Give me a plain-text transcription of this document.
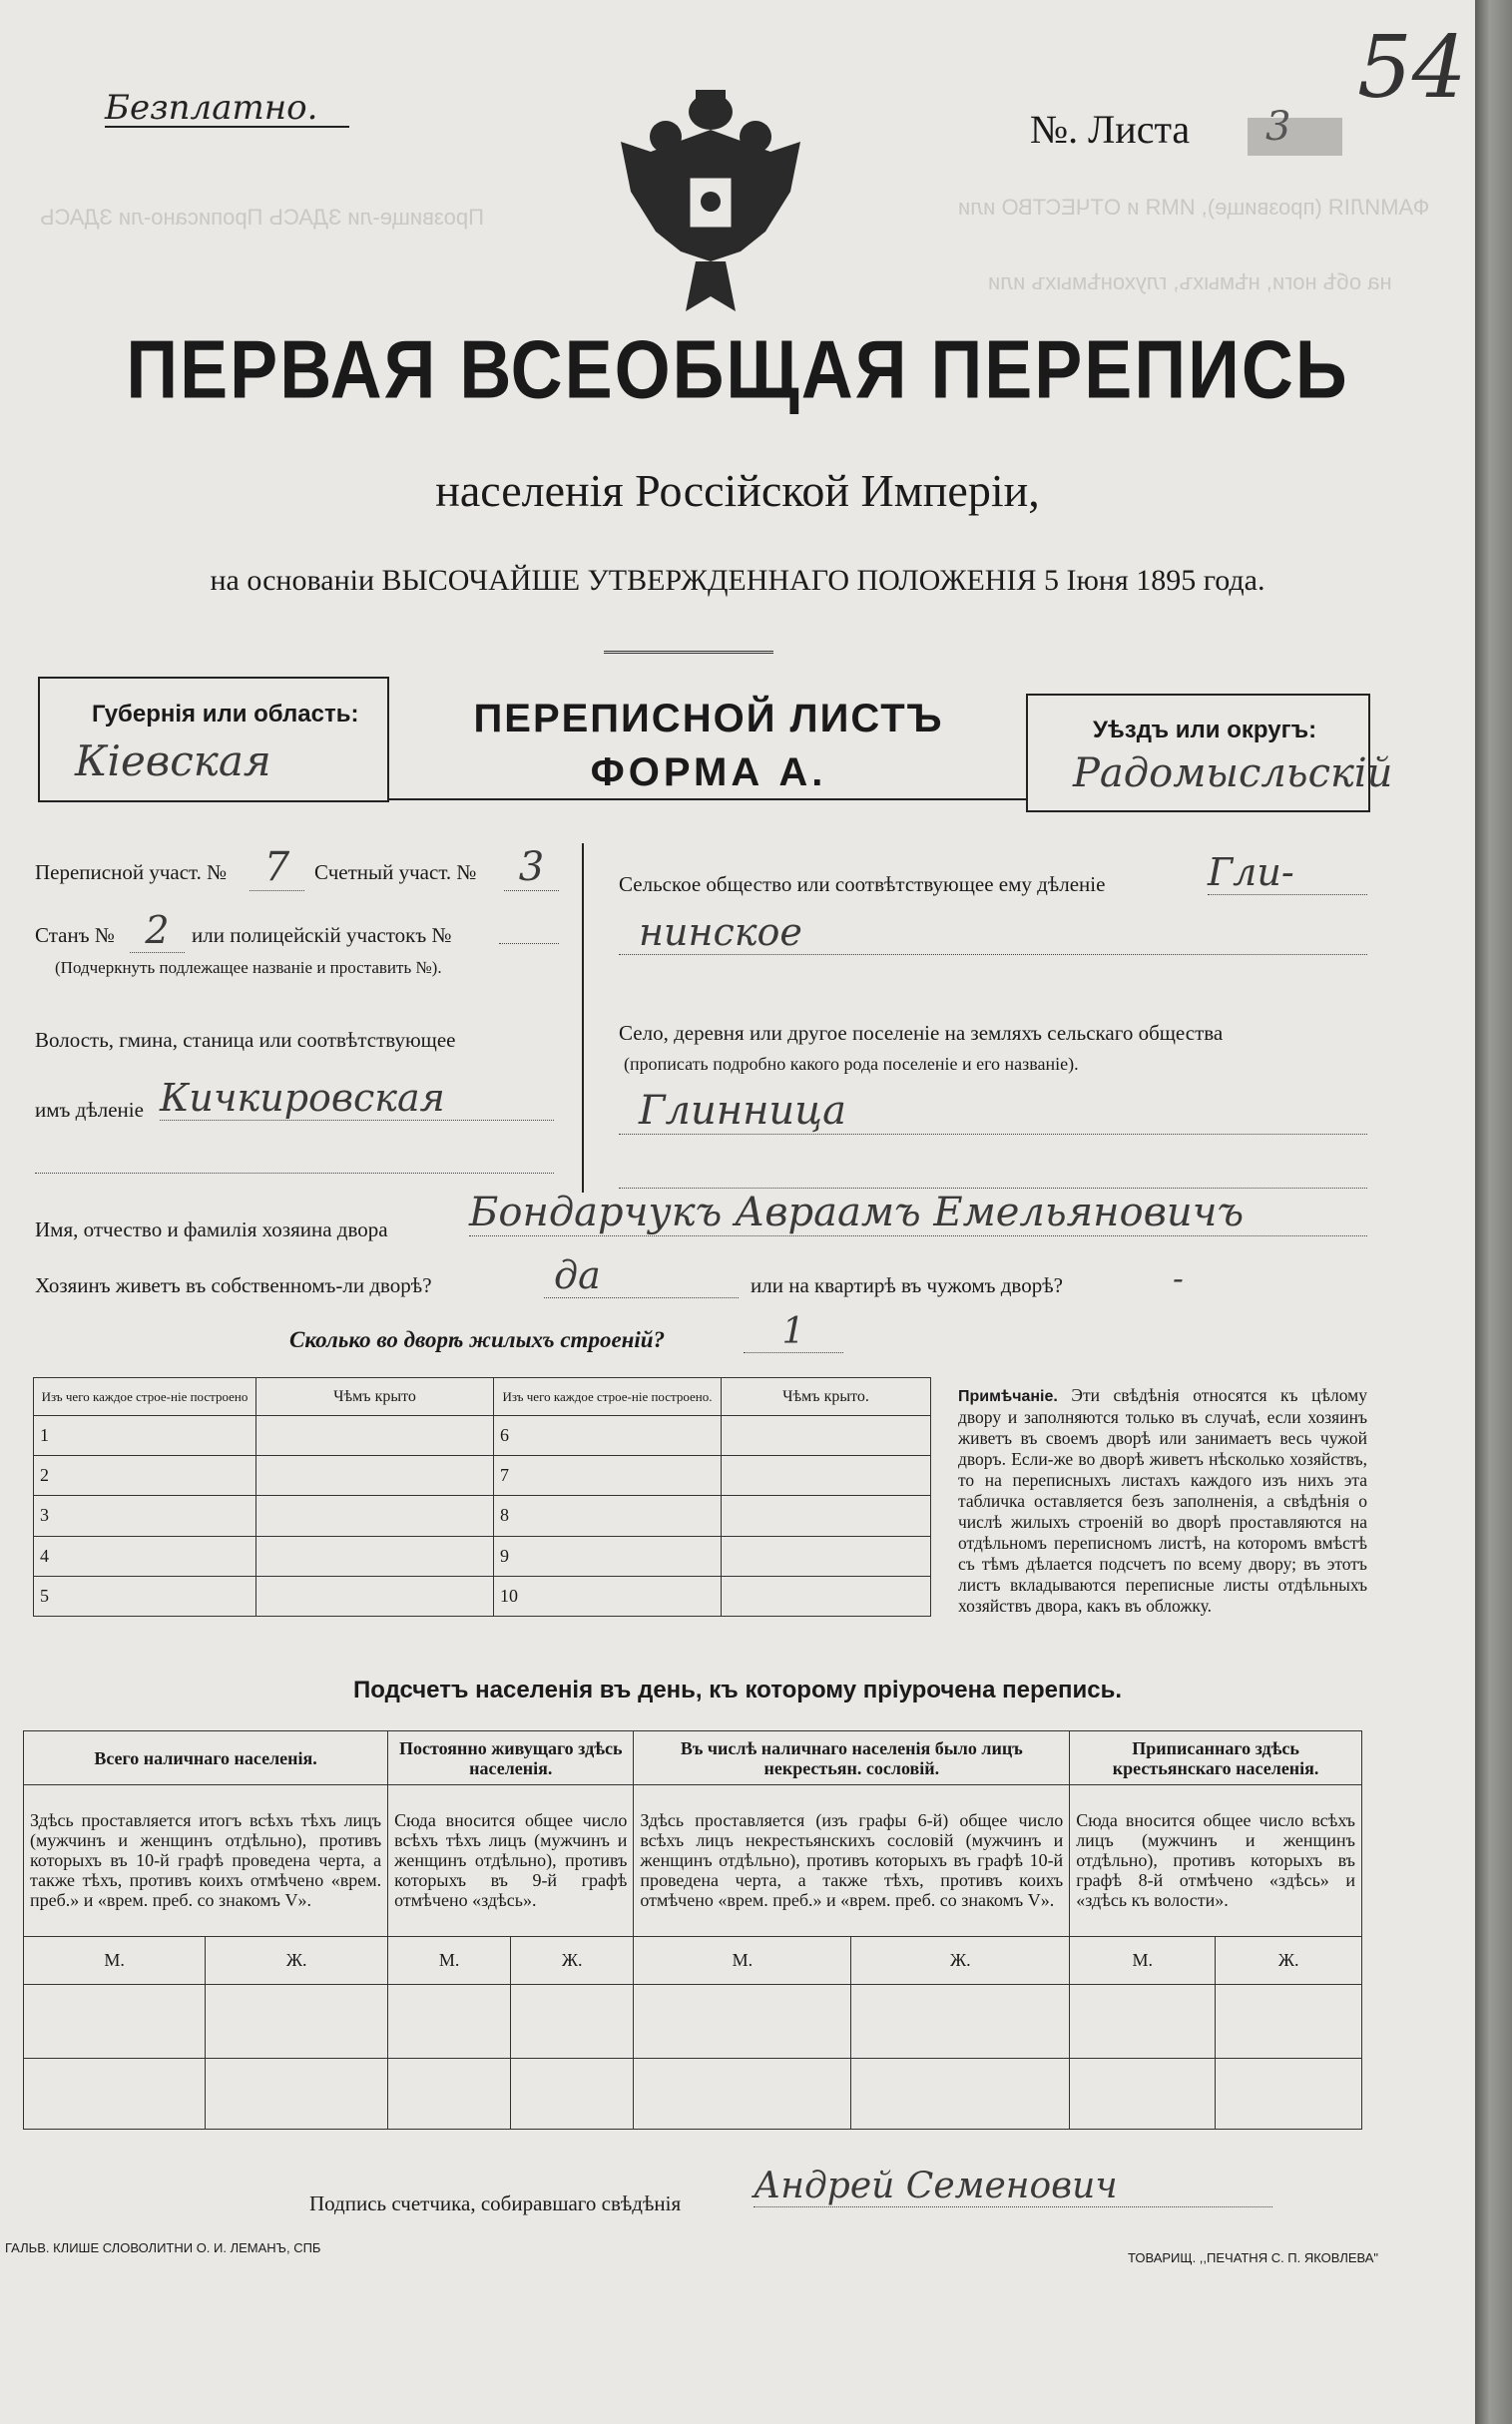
ФАМИЛІЯ (прозвище), ИМЯ и ОТЧЕСТВО или
Прозвище-ли ЗДАСЬ Прописано-ли ЗДАСЬ
на обѣ ноги, нѣмыхъ, глухонѣмыхъ или
Безплатно.	№. Листа 3
54
ПЕРВАЯ ВСЕОБЩАЯ ПЕРЕПИСЬ
населенія Россійской Имперіи,
на основаніи ВЫСОЧАЙШЕ УТВЕРЖДЕННАГО ПОЛОЖЕНІЯ 5 Іюня 1895 года.
Губернія или область:
Кіевская
ПЕРЕПИСНОЙ ЛИСТЪ
ФОРМА А.
Уѣздъ или округъ:
Радомысльскій
Переписной участ. № 7	Счетный участ. №	3
Станъ № 2	или полицейскій участокъ №
(Подчеркнуть подлежащее названіе и проставить №).
Волость, гмина, станица или соотвѣтствующее
имъ дѣленіе Кичкировская
Сельское общество или соотвѣтствующее ему дѣленіе	Гли-
нинское
Село, деревня или другое поселеніе на земляхъ сельскаго общества
(прописать подробно какого рода поселеніе и его названіе).
Глинница
Имя, отчество и фамилія хозяина двора Бондарчукъ Авраамъ Емельяновичъ
Хозяинъ живетъ въ собственномъ-ли дворѣ?	да	или на квартирѣ въ чужомъ дворѣ?	-
Сколько во дворѣ жилыхъ строеній?	1
Изъ чего каждое строе-ніе построено	Чѣмъ крыто	Изъ чего каждое строе-ніе построено.	Чѣмъ крыто.
1		6	
2		7	
3		8	
4		9	
5		10	
Примѣчаніе. Эти свѣдѣнія относятся къ цѣлому двору и заполняются только въ случаѣ, если хозяинъ живетъ въ своемъ дворѣ или занимаетъ весь чужой дворъ. Если-же во дворѣ живетъ нѣсколько хозяйствъ, то на переписныхъ листахъ каждого изъ нихъ эта табличка оставляется безъ заполненія, а свѣдѣнія о числѣ жилыхъ строеній во дворѣ проставляются на отдѣльномъ переписномъ листѣ, на которомъ вмѣстѣ съ тѣмъ дѣлается подсчетъ по всему двору; въ этотъ листъ вкладываются переписные листы отдѣльныхъ хозяйствъ двора, какъ въ обложку.
Подсчетъ населенія въ день, къ которому пріурочена перепись.
Всего наличнаго населенія.		Постоянно живущаго здѣсь населенія.		Въ числѣ наличнаго населенія было лицъ некрестьян. сословій.		Приписаннаго здѣсь крестьянскаго населенія.	
Здѣсь проставляется итогъ всѣхъ тѣхъ лицъ (мужчинъ и женщинъ отдѣльно), противъ которыхъ въ 10-й графѣ проведена черта, а также тѣхъ, противъ коихъ отмѣчено «врем. преб.» и «врем. преб. со знакомъ V».		Сюда вносится общее число всѣхъ тѣхъ лицъ (мужчинъ и женщинъ отдѣльно), противъ которыхъ въ 9-й графѣ отмѣчено «здѣсь».		Здѣсь проставляется (изъ графы 6-й) общее число всѣхъ лицъ некрестьянскихъ сословій (мужчинъ и женщинъ отдѣльно), противъ которыхъ въ графѣ 10-й проведена черта, а также тѣхъ, противъ коихъ отмѣчено «врем. преб.» и «врем. преб. со знакомъ V».		Сюда вносится общее число всѣхъ лицъ (мужчинъ и женщинъ отдѣльно), противъ которыхъ въ графѣ 8-й отмѣчено «здѣсь» и «здѣсь къ волости».	
М.	Ж.	М.	Ж.	М.	Ж.	М.	Ж.

Подпись счетчика, собиравшаго свѣдѣнія Андрей Семенович
ГАЛЬВ. КЛИШЕ СЛОВОЛИТНИ О. И. ЛЕМАНЪ, СПБ
ТОВАРИЩ. ,,ПЕЧАТНЯ С. П. ЯКОВЛЕВА"
